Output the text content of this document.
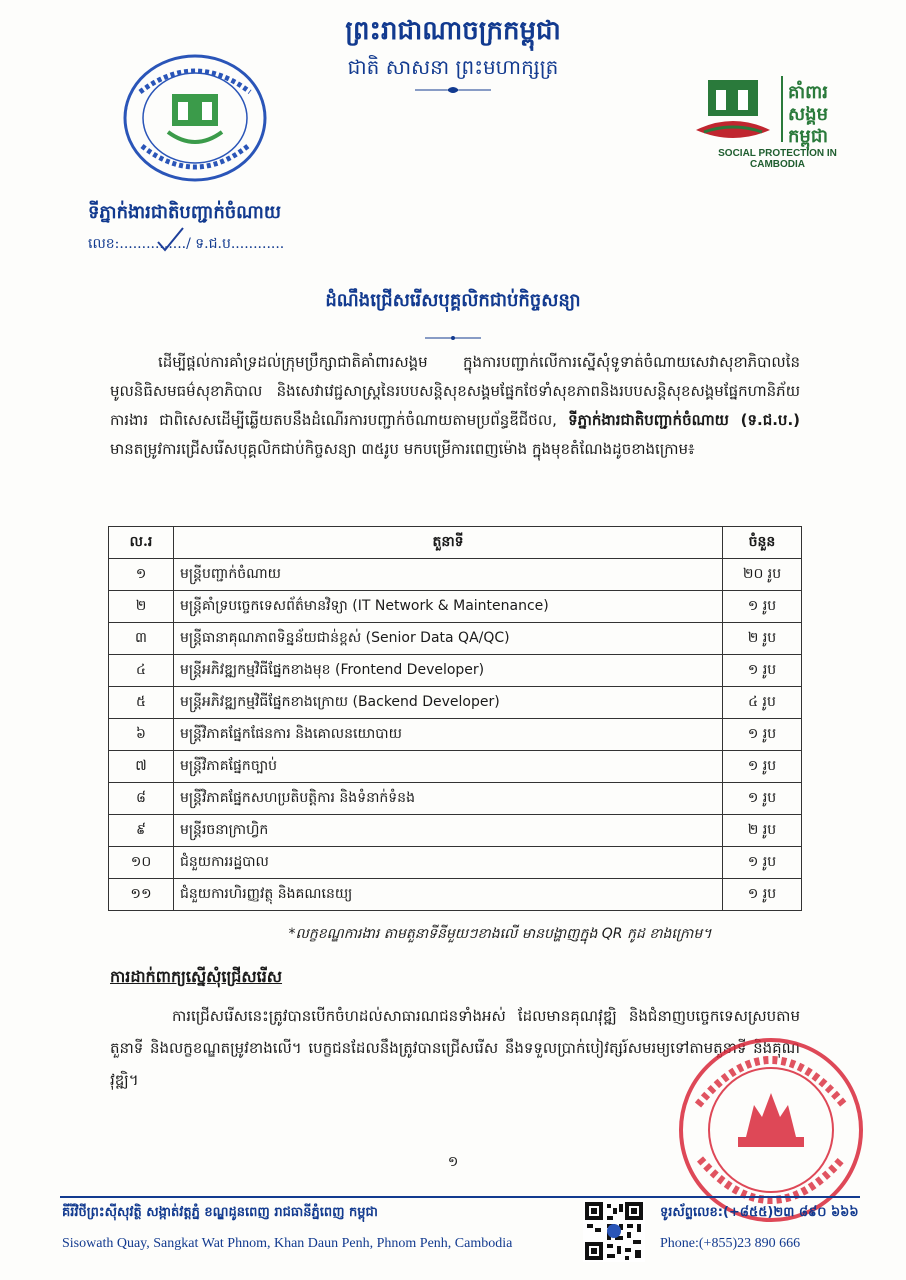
ព្រះរាជាណាចក្រកម្ពុជា
ជាតិ សាសនា ព្រះមហាក្សត្រ
គាំពារ
សង្គម
កម្ពុជា
SOCIAL PROTECTION IN CAMBODIA
ទីភ្នាក់ងារជាតិបញ្ជាក់ចំណាយ
លេខ:.............../ ទ.ជ.ប............
ដំណឹងជ្រើសរើសបុគ្គលិកជាប់កិច្ចសន្យា
ដើម្បីផ្តល់ការគាំទ្រដល់ក្រុមប្រឹក្សាជាតិគាំពារសង្គម ក្នុងការបញ្ជាក់លើការស្នើសុំទូទាត់ចំណាយសេវាសុខាភិបាលនៃមូលនិធិសមធម៌សុខាភិបាល និងសេវាវេជ្ជសាស្ត្រនៃរបបសន្តិសុខសង្គមផ្នែកថែទាំសុខភាពនិងរបបសន្តិសុខសង្គមផ្នែកហានិភ័យការងារ ជាពិសេសដើម្បីឆ្លើយតបនឹងដំណើរការបញ្ជាក់ចំណាយតាមប្រព័ន្ធឌីជីថល, ទីភ្នាក់ងារជាតិបញ្ជាក់ចំណាយ (ទ.ជ.ប.) មានតម្រូវការជ្រើសរើសបុគ្គលិកជាប់កិច្ចសន្យា ៣៥រូប មកបម្រើការពេញម៉ោង ក្នុងមុខតំណែងដូចខាងក្រោម៖
ល.រ	តួនាទី	ចំនួន
១	មន្ត្រីបញ្ជាក់ចំណាយ	២០ រូប
២	មន្ត្រីគាំទ្របច្ចេកទេសព័ត៌មានវិទ្យា (IT Network & Maintenance)	១ រូប
៣	មន្ត្រីធានាគុណភាពទិន្នន័យជាន់ខ្ពស់ (Senior Data QA/QC)	២ រូប
៤	មន្ត្រីអភិវឌ្ឍកម្មវិធីផ្នែកខាងមុខ (Frontend Developer)	១ រូប
៥	មន្ត្រីអភិវឌ្ឍកម្មវិធីផ្នែកខាងក្រោយ (Backend Developer)	៤ រូប
៦	មន្ត្រីវិភាគផ្នែកផែនការ និងគោលនយោបាយ	១ រូប
៧	មន្ត្រីវិភាគផ្នែកច្បាប់	១ រូប
៨	មន្ត្រីវិភាគផ្នែកសហប្រតិបត្តិការ និងទំនាក់ទំនង	១ រូប
៩	មន្ត្រីរចនាក្រាហ្វិក	២ រូប
១០	ជំនួយការរដ្ឋបាល	១ រូប
១១	ជំនួយការហិរញ្ញវត្ថុ និងគណនេយ្យ	១ រូប
*លក្ខខណ្ឌការងារ តាមតួនាទីនីមួយៗខាងលើ មានបង្ហាញក្នុង QR កូដ ខាងក្រោម។
ការដាក់ពាក្យស្នើសុំជ្រើសរើស
ការជ្រើសរើសនេះត្រូវបានបើកចំហដល់សាធារណជនទាំងអស់ ដែលមានគុណវុឌ្ឍិ និងជំនាញបច្ចេកទេសស្របតាមតួនាទី និងលក្ខខណ្ឌតម្រូវខាងលើ។ បេក្ខជនដែលនឹងត្រូវបានជ្រើសរើស នឹងទទួលប្រាក់បៀវត្សរ៍សមរម្យទៅតាមតួនាទី និងគុណវុឌ្ឍិ។
១
គីរីវិថីព្រះស៊ីសុវត្ថិ សង្កាត់វត្តភ្នំ ខណ្ឌដូនពេញ រាជធានីភ្នំពេញ កម្ពុជា
Sisowath Quay, Sangkat Wat Phnom, Khan Daun Penh, Phnom Penh, Cambodia
ទូរស័ព្ទលេខ:(+៨៥៥)២៣ ៨៩០ ៦៦៦
Phone:(+855)23 890 666
